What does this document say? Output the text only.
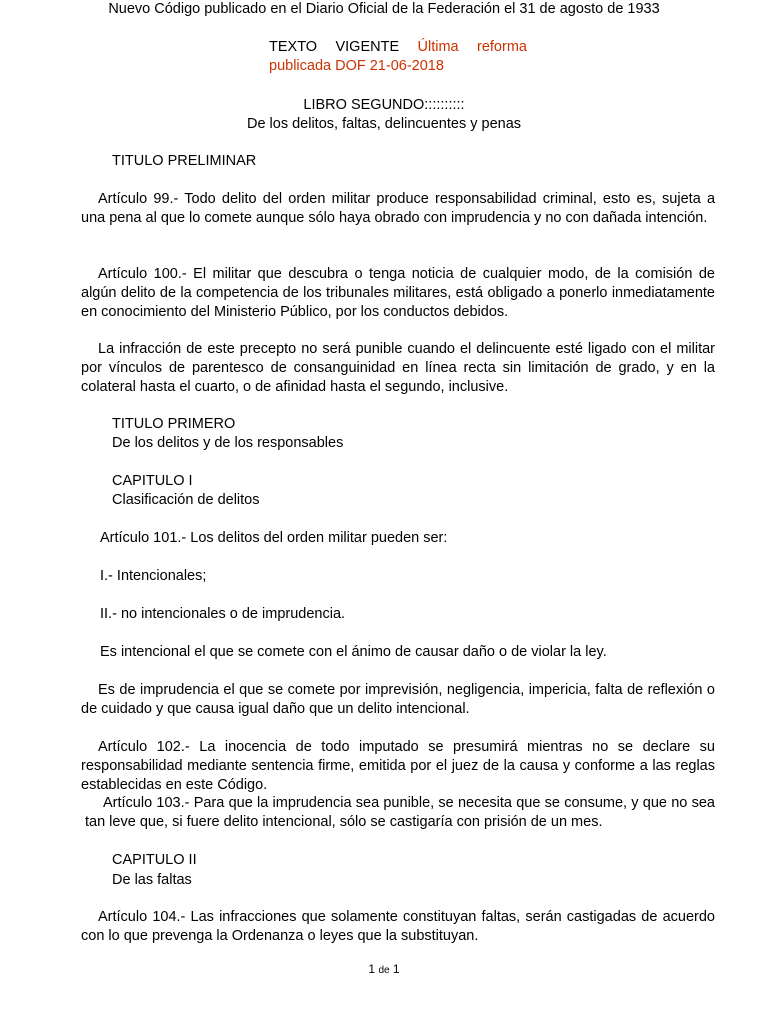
Nuevo Código publicado en el Diario Oficial de la Federación el 31 de agosto de 1933
TEXTO VIGENTE Última reforma
publicada DOF 21-06-2018
LIBRO SEGUNDO::::::::::
De los delitos, faltas, delincuentes y penas
TITULO PRELIMINAR
Artículo 99.- Todo delito del orden militar produce responsabilidad criminal, esto es, sujeta a una pena al que lo comete aunque sólo haya obrado con imprudencia y no con dañada intención.
Artículo 100.- El militar que descubra o tenga noticia de cualquier modo, de la comisión de algún delito de la competencia de los tribunales militares, está obligado a ponerlo inmediatamente en conocimiento del Ministerio Público, por los conductos debidos.
La infracción de este precepto no será punible cuando el delincuente esté ligado con el militar por vínculos de parentesco de consanguinidad en línea recta sin limitación de grado, y en la colateral hasta el cuarto, o de afinidad hasta el segundo, inclusive.
TITULO PRIMERO
De los delitos y de los responsables
CAPITULO I
Clasificación de delitos
Artículo 101.- Los delitos del orden militar pueden ser:
I.- Intencionales;
II.- no intencionales o de imprudencia.
Es intencional el que se comete con el ánimo de causar daño o de violar la ley.
Es de imprudencia el que se comete por imprevisión, negligencia, impericia, falta de reflexión o de cuidado y que causa igual daño que un delito intencional.
Artículo 102.- La inocencia de todo imputado se presumirá mientras no se declare su responsabilidad mediante sentencia firme, emitida por el juez de la causa y conforme a las reglas establecidas en este Código.
Artículo 103.- Para que la imprudencia sea punible, se necesita que se consume, y que no sea tan leve que, si fuere delito intencional, sólo se castigaría con prisión de un mes.
CAPITULO II
De las faltas
Artículo 104.- Las infracciones que solamente constituyan faltas, serán castigadas de acuerdo con lo que prevenga la Ordenanza o leyes que la substituyan.
1 de 1
